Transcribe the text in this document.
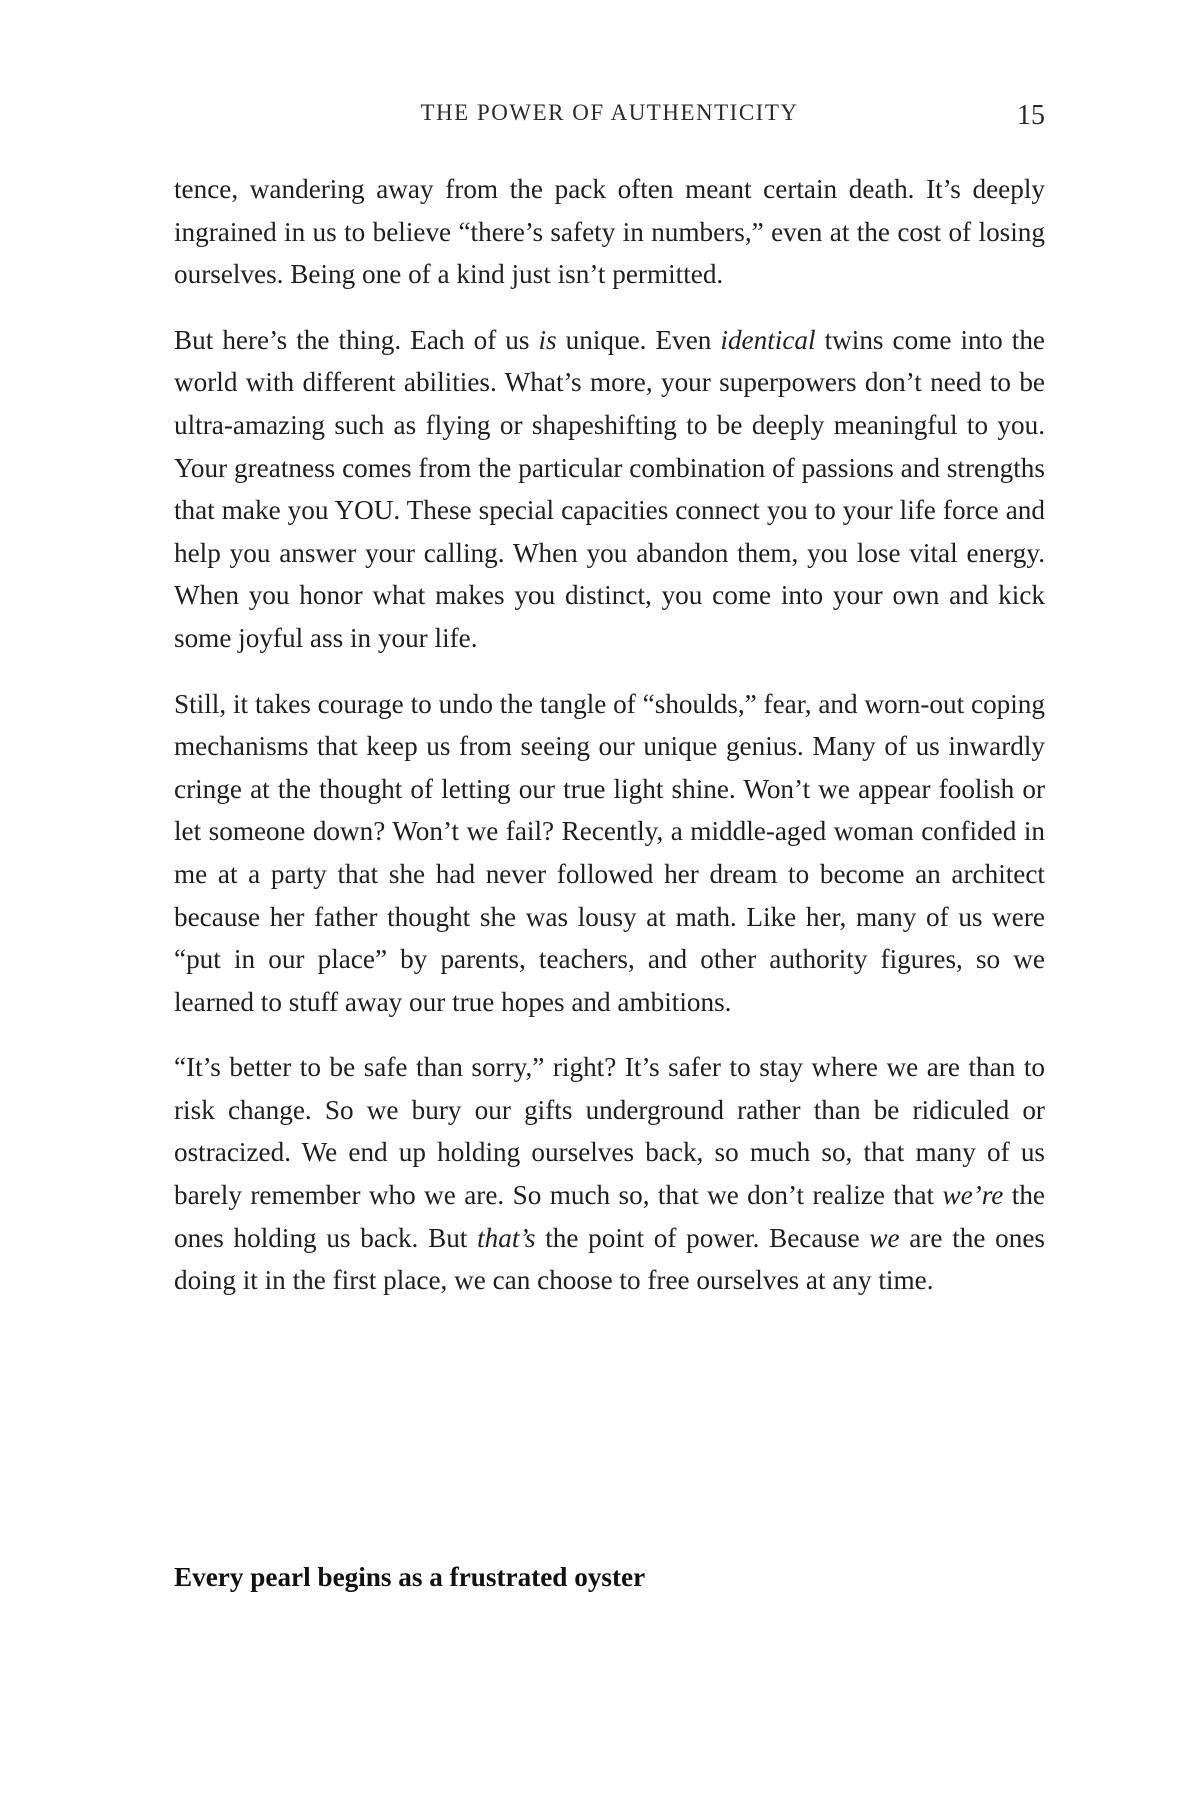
THE POWER OF AUTHENTICITY	15

tence, wandering away from the pack often meant certain death. It’s deeply ingrained in us to believe “there’s safety in numbers,” even at the cost of losing ourselves. Being one of a kind just isn’t permitted.

But here’s the thing. Each of us is unique. Even identical twins come into the world with different abilities. What’s more, your superpowers don’t need to be ultra-amazing such as flying or shapeshifting to be deeply meaningful to you. Your greatness comes from the particular combination of passions and strengths that make you YOU. These special capacities connect you to your life force and help you answer your calling. When you abandon them, you lose vital energy. When you honor what makes you distinct, you come into your own and kick some joyful ass in your life.

Still, it takes courage to undo the tangle of “shoulds,” fear, and worn-out coping mechanisms that keep us from seeing our unique genius. Many of us inwardly cringe at the thought of letting our true light shine. Won’t we appear foolish or let someone down? Won’t we fail? Recently, a middle-aged woman confided in me at a party that she had never followed her dream to become an architect because her father thought she was lousy at math. Like her, many of us were “put in our place” by parents, teachers, and other authority figures, so we learned to stuff away our true hopes and ambitions.

“It’s better to be safe than sorry,” right? It’s safer to stay where we are than to risk change. So we bury our gifts underground rather than be ridiculed or ostracized. We end up holding ourselves back, so much so, that many of us barely remember who we are. So much so, that we don’t realize that we’re the ones holding us back. But that’s the point of power. Because we are the ones doing it in the first place, we can choose to free ourselves at any time.

Every pearl begins as a frustrated oyster
